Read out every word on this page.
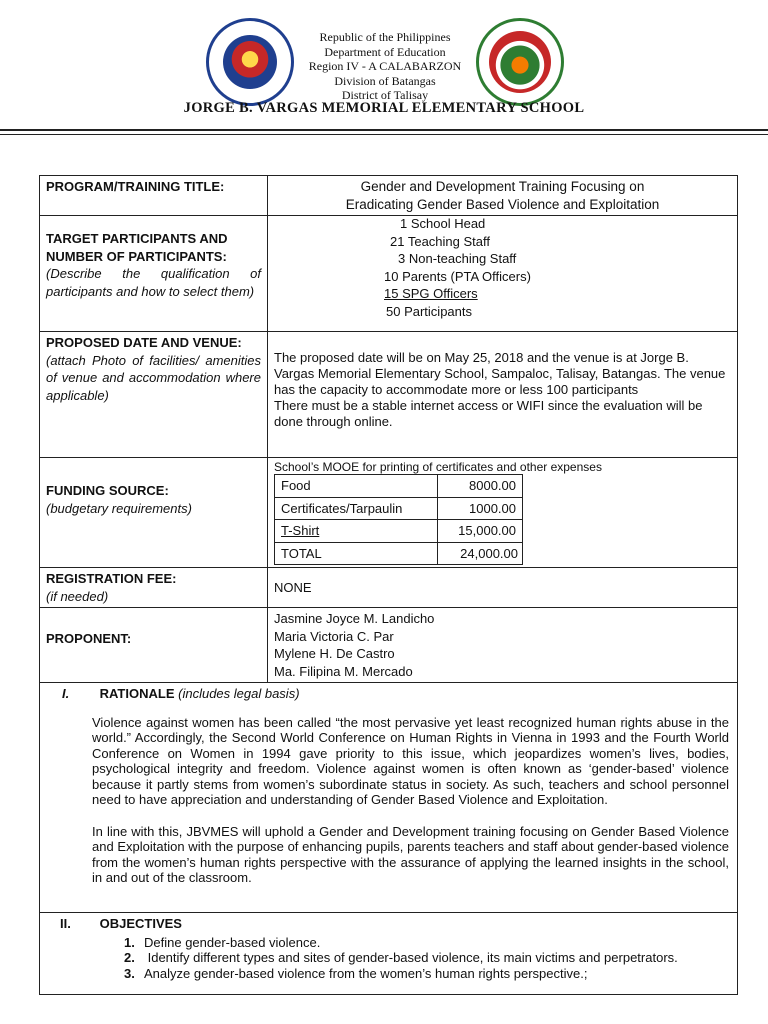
Republic of the Philippines
Department of Education
Region IV - A CALABARZON
Division of Batangas
District of Talisay
JORGE B. VARGAS MEMORIAL ELEMENTARY SCHOOL
PROGRAM/TRAINING TITLE:	Gender and Development Training Focusing on
Eradicating Gender Based Violence and Exploitation

TARGET PARTICIPANTS AND NUMBER OF PARTICIPANTS:
(Describe the qualification of participants and how to select them)

1 School Head
21 Teaching Staff
3 Non-teaching Staff
10 Parents (PTA Officers)
15 SPG Officers
50 Participants

PROPOSED DATE AND VENUE:
(attach Photo of facilities/ amenities of venue and accommodation where applicable)

The proposed date will be on May 25, 2018 and the venue is at Jorge B. Vargas Memorial Elementary School, Sampaloc, Talisay, Batangas. The venue has the capacity to accommodate more or less 100 participants
There must be a stable internet access or WIFI since the evaluation will be done through online.

FUNDING SOURCE:
(budgetary requirements)

School’s MOOE for printing of certificates and other expenses
Food	8000.00
Certificates/Tarpaulin	1000.00
T-Shirt	15,000.00
TOTAL	24,000.00

REGISTRATION FEE:
(if needed)
	NONE
PROPONENT:	
Jasmine Joyce M. Landicho
Maria Victoria C. Par
Mylene H. De Castro
Ma. Filipina M. Mercado

I. RATIONALE (includes legal basis)

Violence against women has been called “the most pervasive yet least recognized human rights abuse in the world.” Accordingly, the Second World Conference on Human Rights in Vienna in 1993 and the Fourth World Conference on Women in 1994 gave priority to this issue, which jeopardizes women’s lives, bodies, psychological integrity and freedom. Violence against women is often known as ‘gender-based’ violence because it partly stems from women’s subordinate status in society. As such, teachers and school personnel need to have appreciation and understanding of Gender Based Violence and Exploitation.

In line with this, JBVMES will uphold a Gender and Development training focusing on Gender Based Violence and Exploitation with the purpose of enhancing pupils, parents teachers and staff about gender-based violence from the women’s human rights perspective with the assurance of applying the learned insights in the school, in and out of the classroom.

II. OBJECTIVES
1. Define gender-based violence.
2. Identify different types and sites of gender-based violence, its main victims and perpetrators.
3. Analyze gender-based violence from the women’s human rights perspective.;
